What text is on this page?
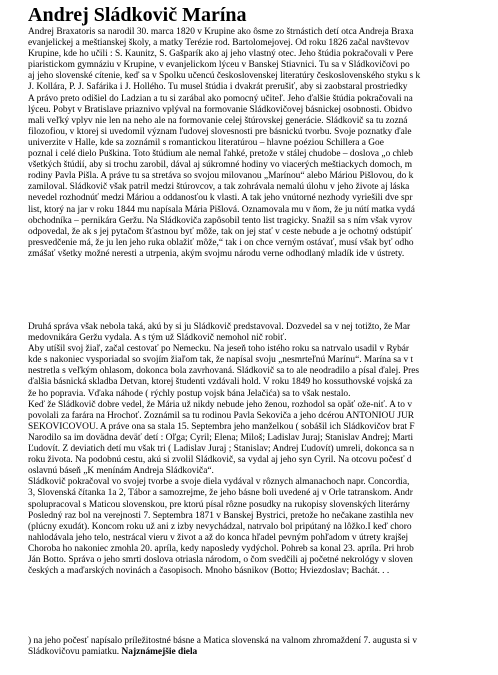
Andrej Sládkovič Marína
Andrej Braxatoris sa narodil 30. marca 1820 v Krupine ako ôsme zo štrnástich detí otca Andreja Braxa
evanjelickej a meštianskej školy, a matky Terézie rod. Bartolomejovej. Od roku 1826 začal navštevov
Krupine, kde ho učili : Š. Kaunitz, Š. Gašparík ako aj jeho vlastný otec. Jeho štúdia pokračovali v Pere
piaristickom gymnáziu v Krupine, v evanjelickom lýceu v Banskej Štiavnici. Tu sa v Sládkovičovi po
aj jeho slovenské cítenie, keď sa v Spolku učencú československej literatúry československého styku s k
J. Kollára, P. J. Šafárika i J. Hollého. Tu musel štúdia i dvakrát prerušiť, aby si zaobstaral prostriedky
A právo preto odišiel do Ladzian a tu si zarábal ako pomocný učiteľ. Jeho ďalšie štúdia pokračovali na
lýceu. Pobyt v Bratislave priaznivo vplýval na formovanie Sládkovičovej básnickej osobnosti. Obidvo
mali veľký vplyv nie len na neho ale na formovanie celej štúrovskej generácie. Sládkovič sa tu zozná
filozofiou, v ktorej si uvedomil význam ľudovej slovesnosti pre básnickú tvorbu. Svoje poznatky ďale
univerzite v Halle, kde sa zoznámil s romantickou literatúrou – hlavne poéziou Schillera a Goe
poznal i celé dielo Puškina. Toto štúdium ale nemal ľahké, pretože v stálej chudobe – doslova „o chleb
všetkých štúdií, aby si trochu zarobil, dával aj súkromné hodiny vo viacerých meštiackych domoch, m
rodiny Pavla Pišla. A práve tu sa stretáva so svojou milovanou „Marínou“ alebo Máriou Pišlovou, do k
zamiloval. Sládkovič však patril medzi štúrovcov, a tak zohrávala nemalú úlohu v jeho živote aj láska
nevedel rozhodnúť medzi Máriou a oddanosťou k vlasti. A tak jeho vnútorné nezhody vyriešili dve spr
list, ktorý na jar v roku 1844 mu napísala Mária Pišlová. Oznamovala mu v ňom, že ju nútí matka vydá
obchodníka – pernikára Geržu. Na Sládkoviča zapôsobil tento list tragicky. Snažil sa s ním však vyrov
odpovedal, že ak s jej pytačom šťastnou byť môže, tak on jej stať v ceste nebude a je ochotný odstúpiť
presvedčenie má, že ju len jeho ruka oblažiť môže,“ tak i on chce verným ostávať, musí však byť odho
zmášať všetky možné neresti a utrpenia, akým svojmu národu verne odhodlaný mladík ide v ústrety.
Druhá správa však nebola taká, akú by si ju Sládkovič predstavoval. Dozvedel sa v nej totižto, že Mar
medovnikára Geržu vydala. A s tým už Sládkovič nemohol nič robiť.
Aby utíšil svoj žiaľ, začal cestovať po Nemecku. Na jeseň toho istého roku sa natrvalo usadil v Rybár
kde s nakoniec vysporiadal so svojím žiaľom tak, že napísal svoju „nesmrteľnú Marínu“. Marína sa v t
nestretla s veľkým ohlasom, dokonca bola zavrhovaná. Sládkovič sa to ale neodradilo a písal ďalej. Pres
ďalšia básnická skladba Detvan, ktorej študenti vzdávali hold. V roku 1849 ho kossuthovské vojská za
že ho popravia. Vďaka náhode ( rýchly postup vojsk bána Jelačića) sa to však nestalo.
Keď že Sládkovič dobre vedel, že Mária už nikdy nebude jeho ženou, rozhodol sa opäť ože-niť. A to v
povolali za farára na Hrochoť. Zoznámil sa tu rodinou Pavla Sekoviča a jeho dcérou ANTONIOU JUR
ŠEKOVICOVOU. A práve ona sa stala 15. Septembra jeho manželkou ( sobášil ich Sládkovičov brat F
Narodilo sa im dovädna deväť detí : Oľga; Cyril; Elena; Miloš; Ladislav Juraj; Stanislav Andrej; Marti
Ľudovít. Z deviatich detí mu však tri ( Ladislav Juraj ; Stanislav; Andrej Ľudovít) umreli, dokonca sa n
roku života. Na podobnú cestu, akú si zvolil Sládkovič, sa vydal aj jeho syn Cyril. Na otcovu počesť d
oslavnú báseň „K menínám Andreja Sládkoviča“.
Sládkovič pokračoval vo svojej tvorbe a svoje diela vydával v rôznych almanachoch napr. Concordia,
3, Slovenská čítanka 1a 2, Tábor a samozrejme, že jeho básne boli uvedené aj v Orle tatranskom. Andr
spolupracoval s Maticou slovenskou, pre ktorú písal rôzne posudky na rukopisy slovenských literárny
Posledný raz bol na verejnosti 7. Septembra 1871 v Banskej Bystrici, pretože ho nečakane zastihla nev
(plúcny exudát). Koncom roku už ani z izby nevychádzal, natrvalo bol pripútaný na lôžko.I keď choro
nahlodávala jeho telo, nestrácal vieru v život a až do konca hľadel pevným pohľadom v útrety krajšej
Choroba ho nakoniec zmohla 20. apríla, kedy naposledy vydýchol. Pohreb sa konal 23. apríla. Pri hrob
Ján Botto. Správa o jeho smrti doslova otriasla národom, o čom svedčili aj početné nekrológy v sloven
českých a maďarských novinách a časopisoch. Mnoho básnikov (Botto; Hviezdoslav; Bachát. . .
) na jeho počesť napísalo príležitostné básne a Matica slovenská na valnom zhromaždení 7. augusta si v
Sládkovičovu pamiatku. Najznámejšie diela
